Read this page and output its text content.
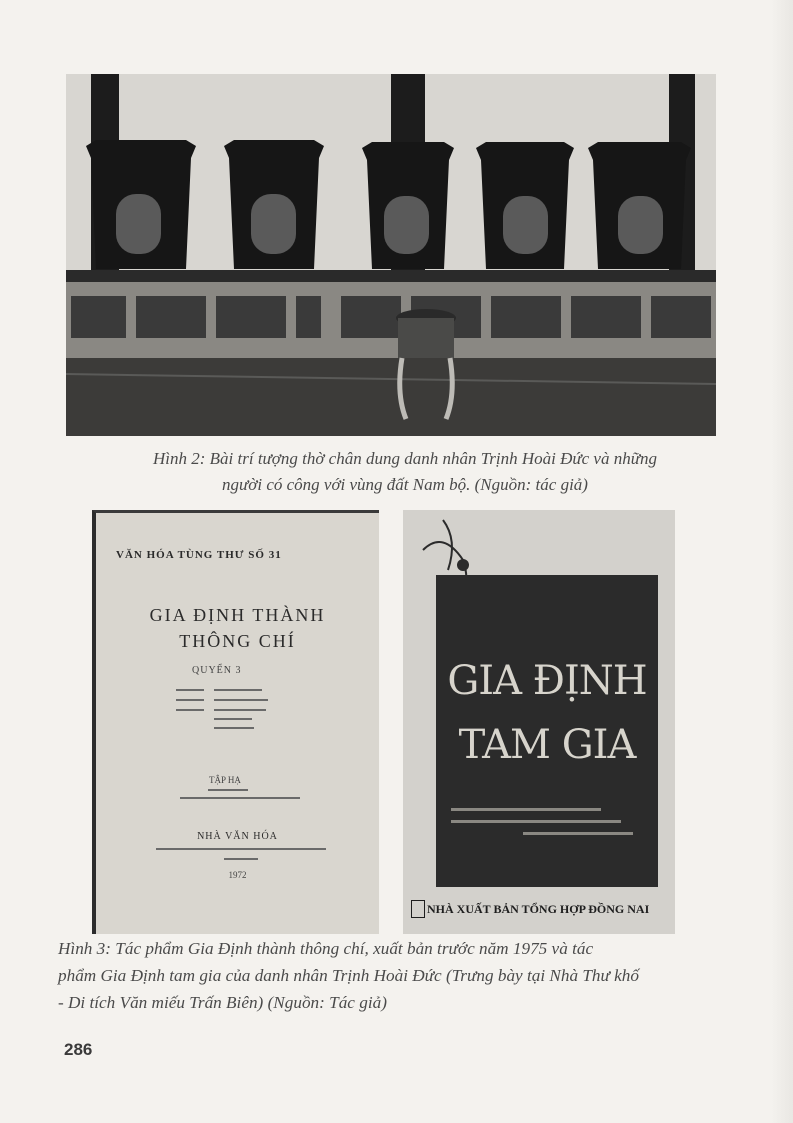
Hình 2: Bài trí tượng thờ chân dung danh nhân Trịnh Hoài Đức và những
người có công với vùng đất Nam bộ. (Nguồn: tác giả)
VĂN HÓA TÙNG THƯ SỐ 31
GIA ĐỊNH THÀNH
THÔNG CHÍ
QUYỂN 3
TẬP HẠ
NHÀ VĂN HÓA
1972
GIA ĐỊNH
TAM GIA
NHÀ XUẤT BẢN TỔNG HỢP ĐỒNG NAI
Hình 3: Tác phẩm Gia Định thành thông chí, xuất bản trước năm 1975 và tác
phẩm Gia Định tam gia của danh nhân Trịnh Hoài Đức (Trưng bày tại Nhà Thư khố
- Di tích Văn miếu Trấn Biên) (Nguồn: Tác giả)
286
